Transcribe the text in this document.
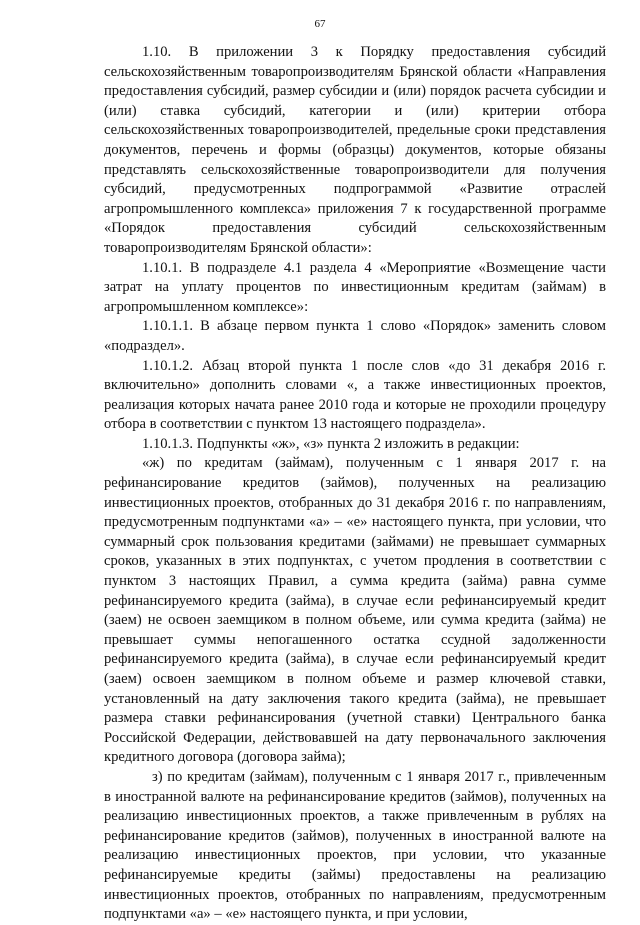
67

1.10. В приложении 3 к Порядку предоставления субсидий сельскохозяйственным товаропроизводителям Брянской области «Направления предоставления субсидий, размер субсидии и (или) порядок расчета субсидии и (или) ставка субсидий, категории и (или) критерии отбора сельскохозяйственных товаропроизводителей, предельные сроки представления документов, перечень и формы (образцы) документов, которые обязаны представлять сельскохозяйственные товаропроизводители для получения субсидий, предусмотренных подпрограммой «Развитие отраслей агропромышленного комплекса» приложения 7 к государственной программе «Порядок предоставления субсидий сельскохозяйственным товаропроизводителям Брянской области»:

1.10.1. В подразделе 4.1 раздела 4 «Мероприятие «Возмещение части затрат на уплату процентов по инвестиционным кредитам (займам) в агропромышленном комплексе»:

1.10.1.1. В абзаце первом пункта 1 слово «Порядок» заменить словом «подраздел».

1.10.1.2. Абзац второй пункта 1 после слов «до 31 декабря 2016 г. включительно» дополнить словами «, а также инвестиционных проектов, реализация которых начата ранее 2010 года и которые не проходили процедуру отбора в соответствии с пунктом 13 настоящего подраздела».

1.10.1.3. Подпункты «ж», «з» пункта 2 изложить в редакции:

«ж) по кредитам (займам), полученным с 1 января 2017 г. на рефинансирование кредитов (займов), полученных на реализацию инвестиционных проектов, отобранных до 31 декабря 2016 г. по направлениям, предусмотренным подпунктами «а» – «е» настоящего пункта, при условии, что суммарный срок пользования кредитами (займами) не превышает суммарных сроков, указанных в этих подпунктах, с учетом продления в соответствии с пунктом 3 настоящих Правил, а сумма кредита (займа) равна сумме рефинансируемого кредита (займа), в случае если рефинансируемый кредит (заем) не освоен заемщиком в полном объеме, или сумма кредита (займа) не превышает суммы непогашенного остатка ссудной задолженности рефинансируемого кредита (займа), в случае если рефинансируемый кредит (заем) освоен заемщиком в полном объеме и размер ключевой ставки, установленный на дату заключения такого кредита (займа), не превышает размера ставки рефинансирования (учетной ставки) Центрального банка Российской Федерации, действовавшей на дату первоначального заключения кредитного договора (договора займа);

з) по кредитам (займам), полученным с 1 января 2017 г., привлеченным в иностранной валюте на рефинансирование кредитов (займов), полученных на реализацию инвестиционных проектов, а также привлеченным в рублях на рефинансирование кредитов (займов), полученных в иностранной валюте на реализацию инвестиционных проектов, при условии, что указанные рефинансируемые кредиты (займы) предоставлены на реализацию инвестиционных проектов, отобранных по направлениям, предусмотренным подпунктами «а» – «е» настоящего пункта, и при условии,
